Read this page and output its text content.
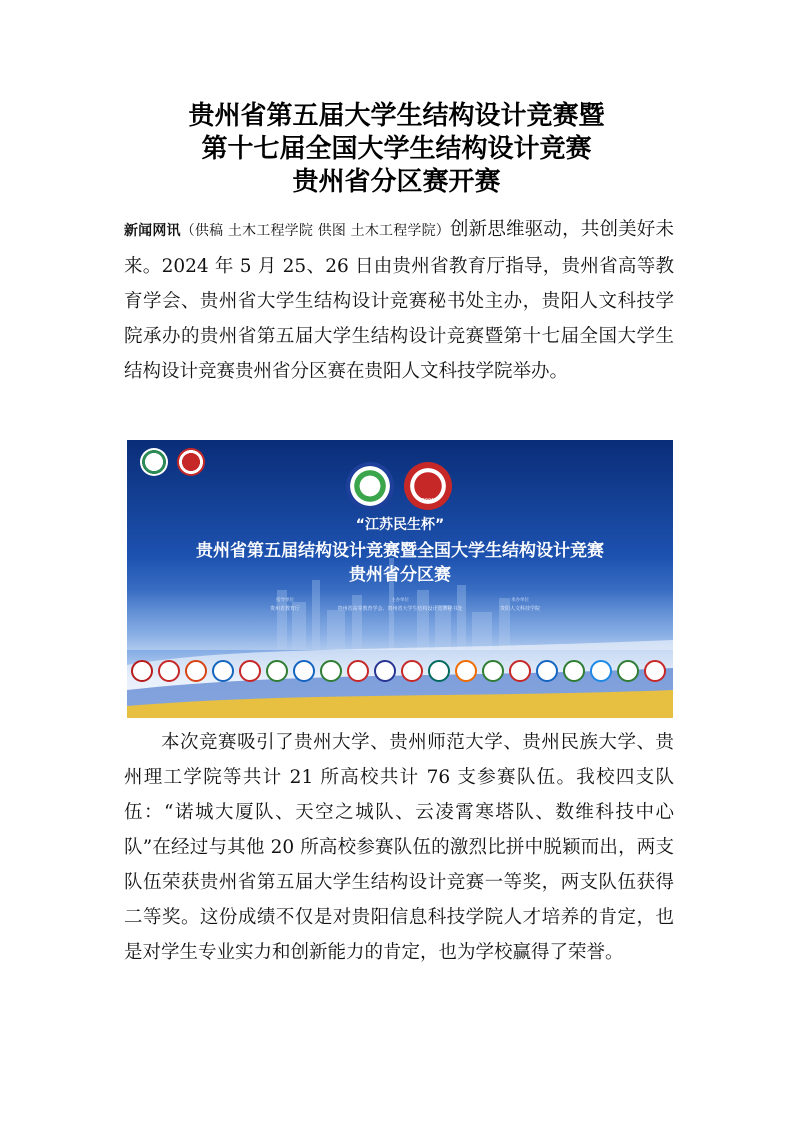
贵州省第五届大学生结构设计竞赛暨
第十七届全国大学生结构设计竞赛
贵州省分区赛开赛
新闻网讯（供稿 土木工程学院 供图 土木工程学院）创新思维驱动，共创美好未来。2024 年 5 月 25、26 日由贵州省教育厅指导，贵州省高等教育学会、贵州省大学生结构设计竞赛秘书处主办，贵阳人文科技学院承办的贵州省第五届大学生结构设计竞赛暨第十七届全国大学生结构设计竞赛贵州省分区赛在贵阳人文科技学院举办。
2001
“江苏民生杯”
贵州省第五届结构设计竞赛暨全国大学生结构设计竞赛
贵州省分区赛
指导单位
贵州省教育厅
主办单位
贵州省高等教育学会、贵州省大学生结构设计竞赛秘书处
承办单位
贵阳人文科技学院
本次竞赛吸引了贵州大学、贵州师范大学、贵州民族大学、贵州理工学院等共计 21 所高校共计 76 支参赛队伍。我校四支队伍：“诺城大厦队、天空之城队、云凌霄寒塔队、数维科技中心队”在经过与其他 20 所高校参赛队伍的激烈比拼中脱颖而出，两支队伍荣获贵州省第五届大学生结构设计竞赛一等奖，两支队伍获得二等奖。这份成绩不仅是对贵阳信息科技学院人才培养的肯定，也是对学生专业实力和创新能力的肯定，也为学校赢得了荣誉。
